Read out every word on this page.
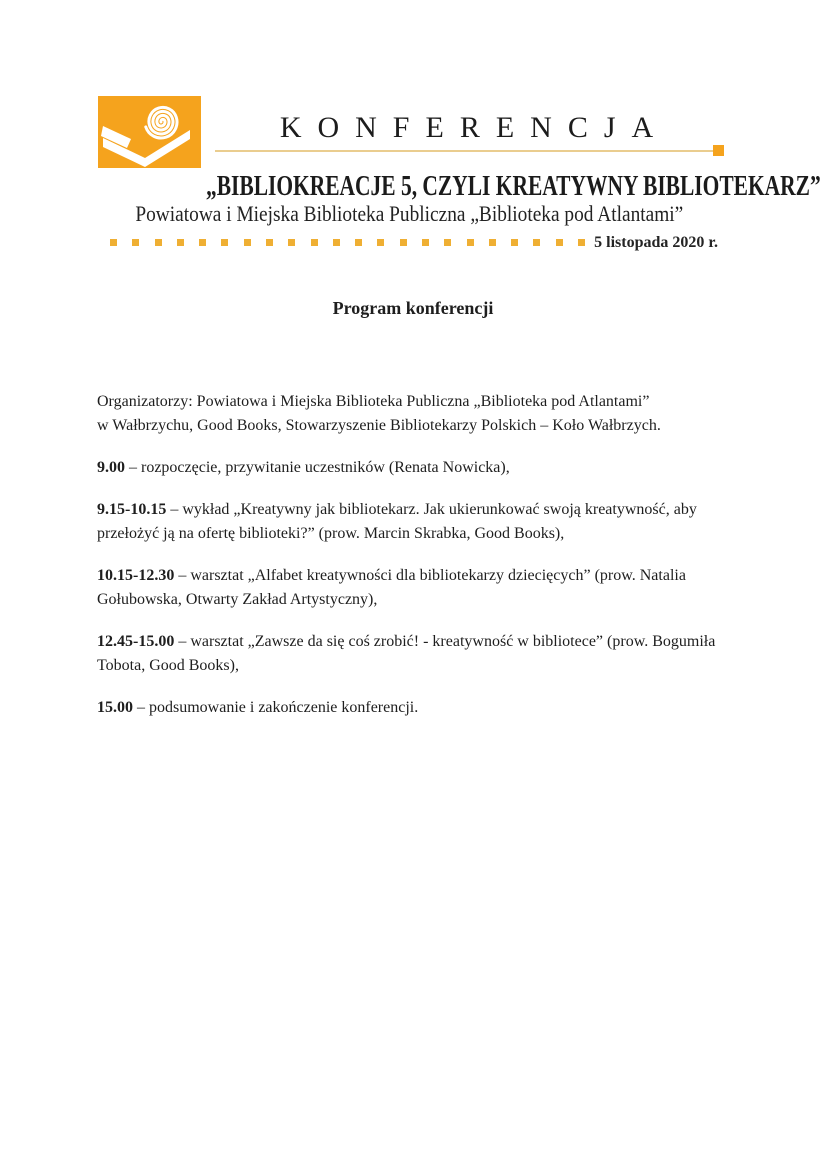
KONFERENCJA
„BIBLIOKREACJE 5, CZYLI KREATYWNY BIBLIOTEKARZ”
Powiatowa i Miejska Biblioteka Publiczna „Biblioteka pod Atlantami”
5 listopada 2020 r.
Program konferencji

Organizatorzy: Powiatowa i Miejska Biblioteka Publiczna „Biblioteka pod Atlantami”

w Wałbrzychu, Good Books, Stowarzyszenie Bibliotekarzy Polskich – Koło Wałbrzych.

9.00 – rozpoczęcie, przywitanie uczestników (Renata Nowicka),

9.15-10.15 – wykład „Kreatywny jak bibliotekarz. Jak ukierunkować swoją kreatywność, aby przełożyć ją na ofertę biblioteki?” (prow. Marcin Skrabka, Good Books),

10.15-12.30 – warsztat „Alfabet kreatywności dla bibliotekarzy dziecięcych” (prow. Natalia Gołubowska, Otwarty Zakład Artystyczny),

12.45-15.00 – warsztat „Zawsze da się coś zrobić! - kreatywność w bibliotece” (prow. Bogumiła Tobota, Good Books),

15.00 – podsumowanie i zakończenie konferencji.
